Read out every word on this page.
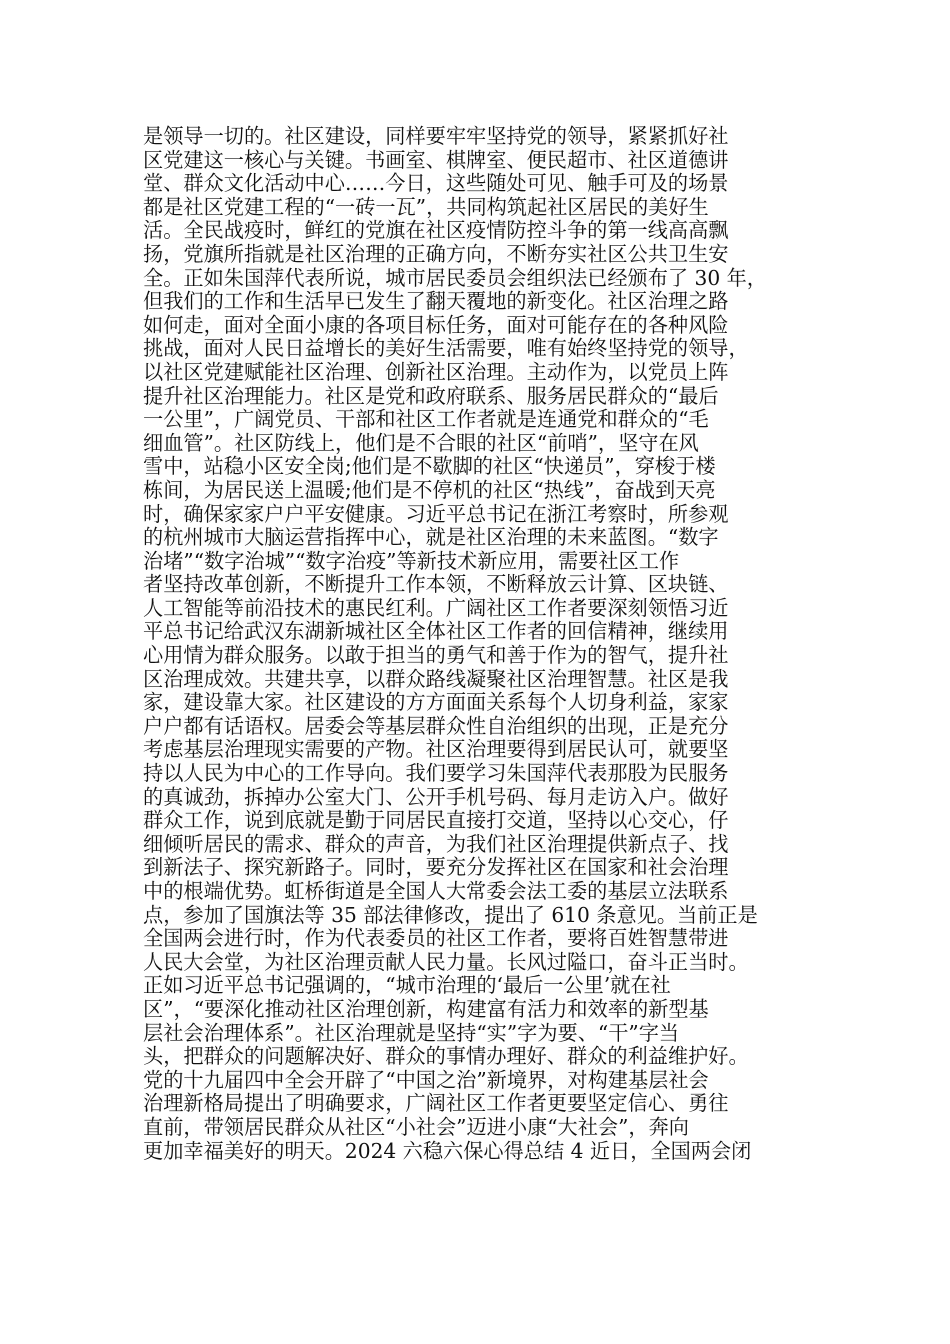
是领导一切的。社区建设，同样要牢牢坚持党的领导，紧紧抓好社
区党建这一核心与关键。书画室、棋牌室、便民超市、社区道德讲
堂、群众文化活动中心……今日，这些随处可见、触手可及的场景
都是社区党建工程的“一砖一瓦”，共同构筑起社区居民的美好生
活。全民战疫时，鲜红的党旗在社区疫情防控斗争的第一线高高飘
扬，党旗所指就是社区治理的正确方向，不断夯实社区公共卫生安
全。正如朱国萍代表所说，城市居民委员会组织法已经颁布了 30 年，
但我们的工作和生活早已发生了翻天覆地的新变化。社区治理之路
如何走，面对全面小康的各项目标任务，面对可能存在的各种风险
挑战，面对人民日益增长的美好生活需要，唯有始终坚持党的领导，
以社区党建赋能社区治理、创新社区治理。主动作为，以党员上阵
提升社区治理能力。社区是党和政府联系、服务居民群众的“最后
一公里”，广阔党员、干部和社区工作者就是连通党和群众的“毛
细血管”。社区防线上，他们是不合眼的社区“前哨”，坚守在风
雪中，站稳小区安全岗;他们是不歇脚的社区“快递员”，穿梭于楼
栋间，为居民送上温暖;他们是不停机的社区“热线”，奋战到天亮
时，确保家家户户平安健康。习近平总书记在浙江考察时，所参观
的杭州城市大脑运营指挥中心，就是社区治理的未来蓝图。“数字
治堵”“数字治城”“数字治疫”等新技术新应用，需要社区工作
者坚持改革创新，不断提升工作本领，不断释放云计算、区块链、
人工智能等前沿技术的惠民红利。广阔社区工作者要深刻领悟习近
平总书记给武汉东湖新城社区全体社区工作者的回信精神，继续用
心用情为群众服务。以敢于担当的勇气和善于作为的智气，提升社
区治理成效。共建共享，以群众路线凝聚社区治理智慧。社区是我
家，建设靠大家。社区建设的方方面面关系每个人切身利益，家家
户户都有话语权。居委会等基层群众性自治组织的出现，正是充分
考虑基层治理现实需要的产物。社区治理要得到居民认可，就要坚
持以人民为中心的工作导向。我们要学习朱国萍代表那股为民服务
的真诚劲，拆掉办公室大门、公开手机号码、每月走访入户。做好
群众工作，说到底就是勤于同居民直接打交道，坚持以心交心，仔
细倾听居民的需求、群众的声音，为我们社区治理提供新点子、找
到新法子、探究新路子。同时，要充分发挥社区在国家和社会治理
中的根端优势。虹桥街道是全国人大常委会法工委的基层立法联系
点，参加了国旗法等 35 部法律修改，提出了 610 条意见。当前正是
全国两会进行时，作为代表委员的社区工作者，要将百姓智慧带进
人民大会堂，为社区治理贡献人民力量。长风过隘口，奋斗正当时。
正如习近平总书记强调的，“城市治理的‘最后一公里’就在社
区”，“要深化推动社区治理创新，构建富有活力和效率的新型基
层社会治理体系”。社区治理就是坚持“实”字为要、“干”字当
头，把群众的问题解决好、群众的事情办理好、群众的利益维护好。
党的十九届四中全会开辟了“中国之治”新境界，对构建基层社会
治理新格局提出了明确要求，广阔社区工作者更要坚定信心、勇往
直前，带领居民群众从社区“小社会”迈进小康“大社会”，奔向
更加幸福美好的明天。2024 六稳六保心得总结 4 近日，全国两会闭
